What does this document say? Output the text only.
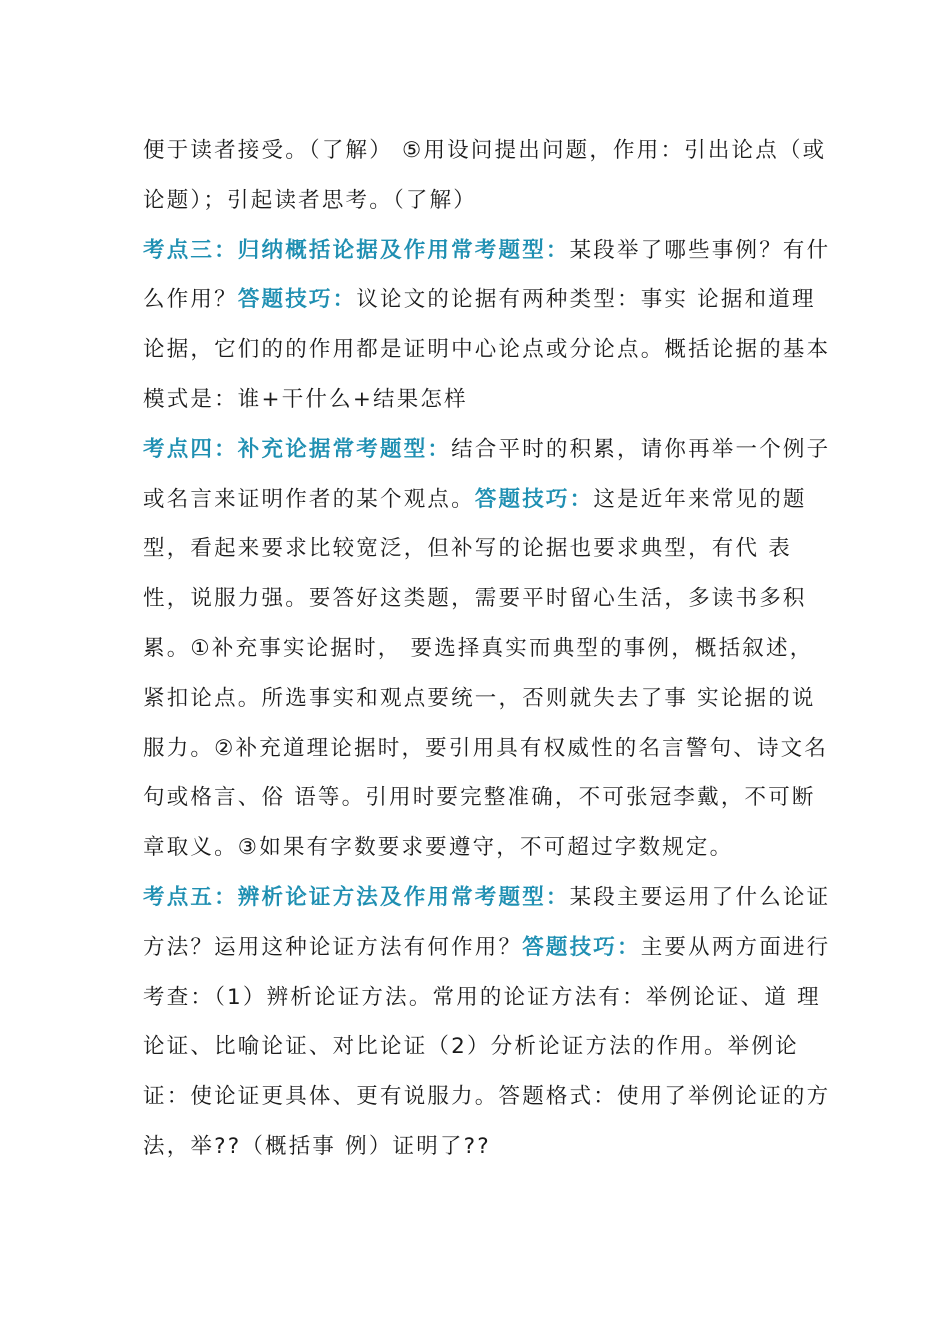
便于读者接受。（了解） ⑤用设问提出问题，作用：引出论点（或论题）；引起读者思考。（了解）

考点三：归纳概括论据及作用常考题型：某段举了哪些事例？有什么作用？答题技巧：议论文的论据有两种类型：事实 论据和道理论据，它们的的作用都是证明中心论点或分论点。概括论据的基本模式是：谁+干什么+结果怎样

考点四：补充论据常考题型：结合平时的积累，请你再举一个例子或名言来证明作者的某个观点。答题技巧：这是近年来常见的题型，看起来要求比较宽泛，但补写的论据也要求典型，有代 表性，说服力强。要答好这类题，需要平时留心生活，多读书多积累。①补充事实论据时， 要选择真实而典型的事例，概括叙述，紧扣论点。所选事实和观点要统一，否则就失去了事 实论据的说服力。②补充道理论据时，要引用具有权威性的名言警句、诗文名句或格言、俗 语等。引用时要完整准确，不可张冠李戴，不可断章取义。③如果有字数要求要遵守，不可超过字数规定。

考点五：辨析论证方法及作用常考题型：某段主要运用了什么论证方法？运用这种论证方法有何作用？答题技巧：主要从两方面进行考查：（1）辨析论证方法。常用的论证方法有：举例论证、道 理论证、比喻论证、对比论证（2）分析论证方法的作用。举例论证：使论证更具体、更有说服力。答题格式：使用了举例论证的方法，举??（概括事 例）证明了??
